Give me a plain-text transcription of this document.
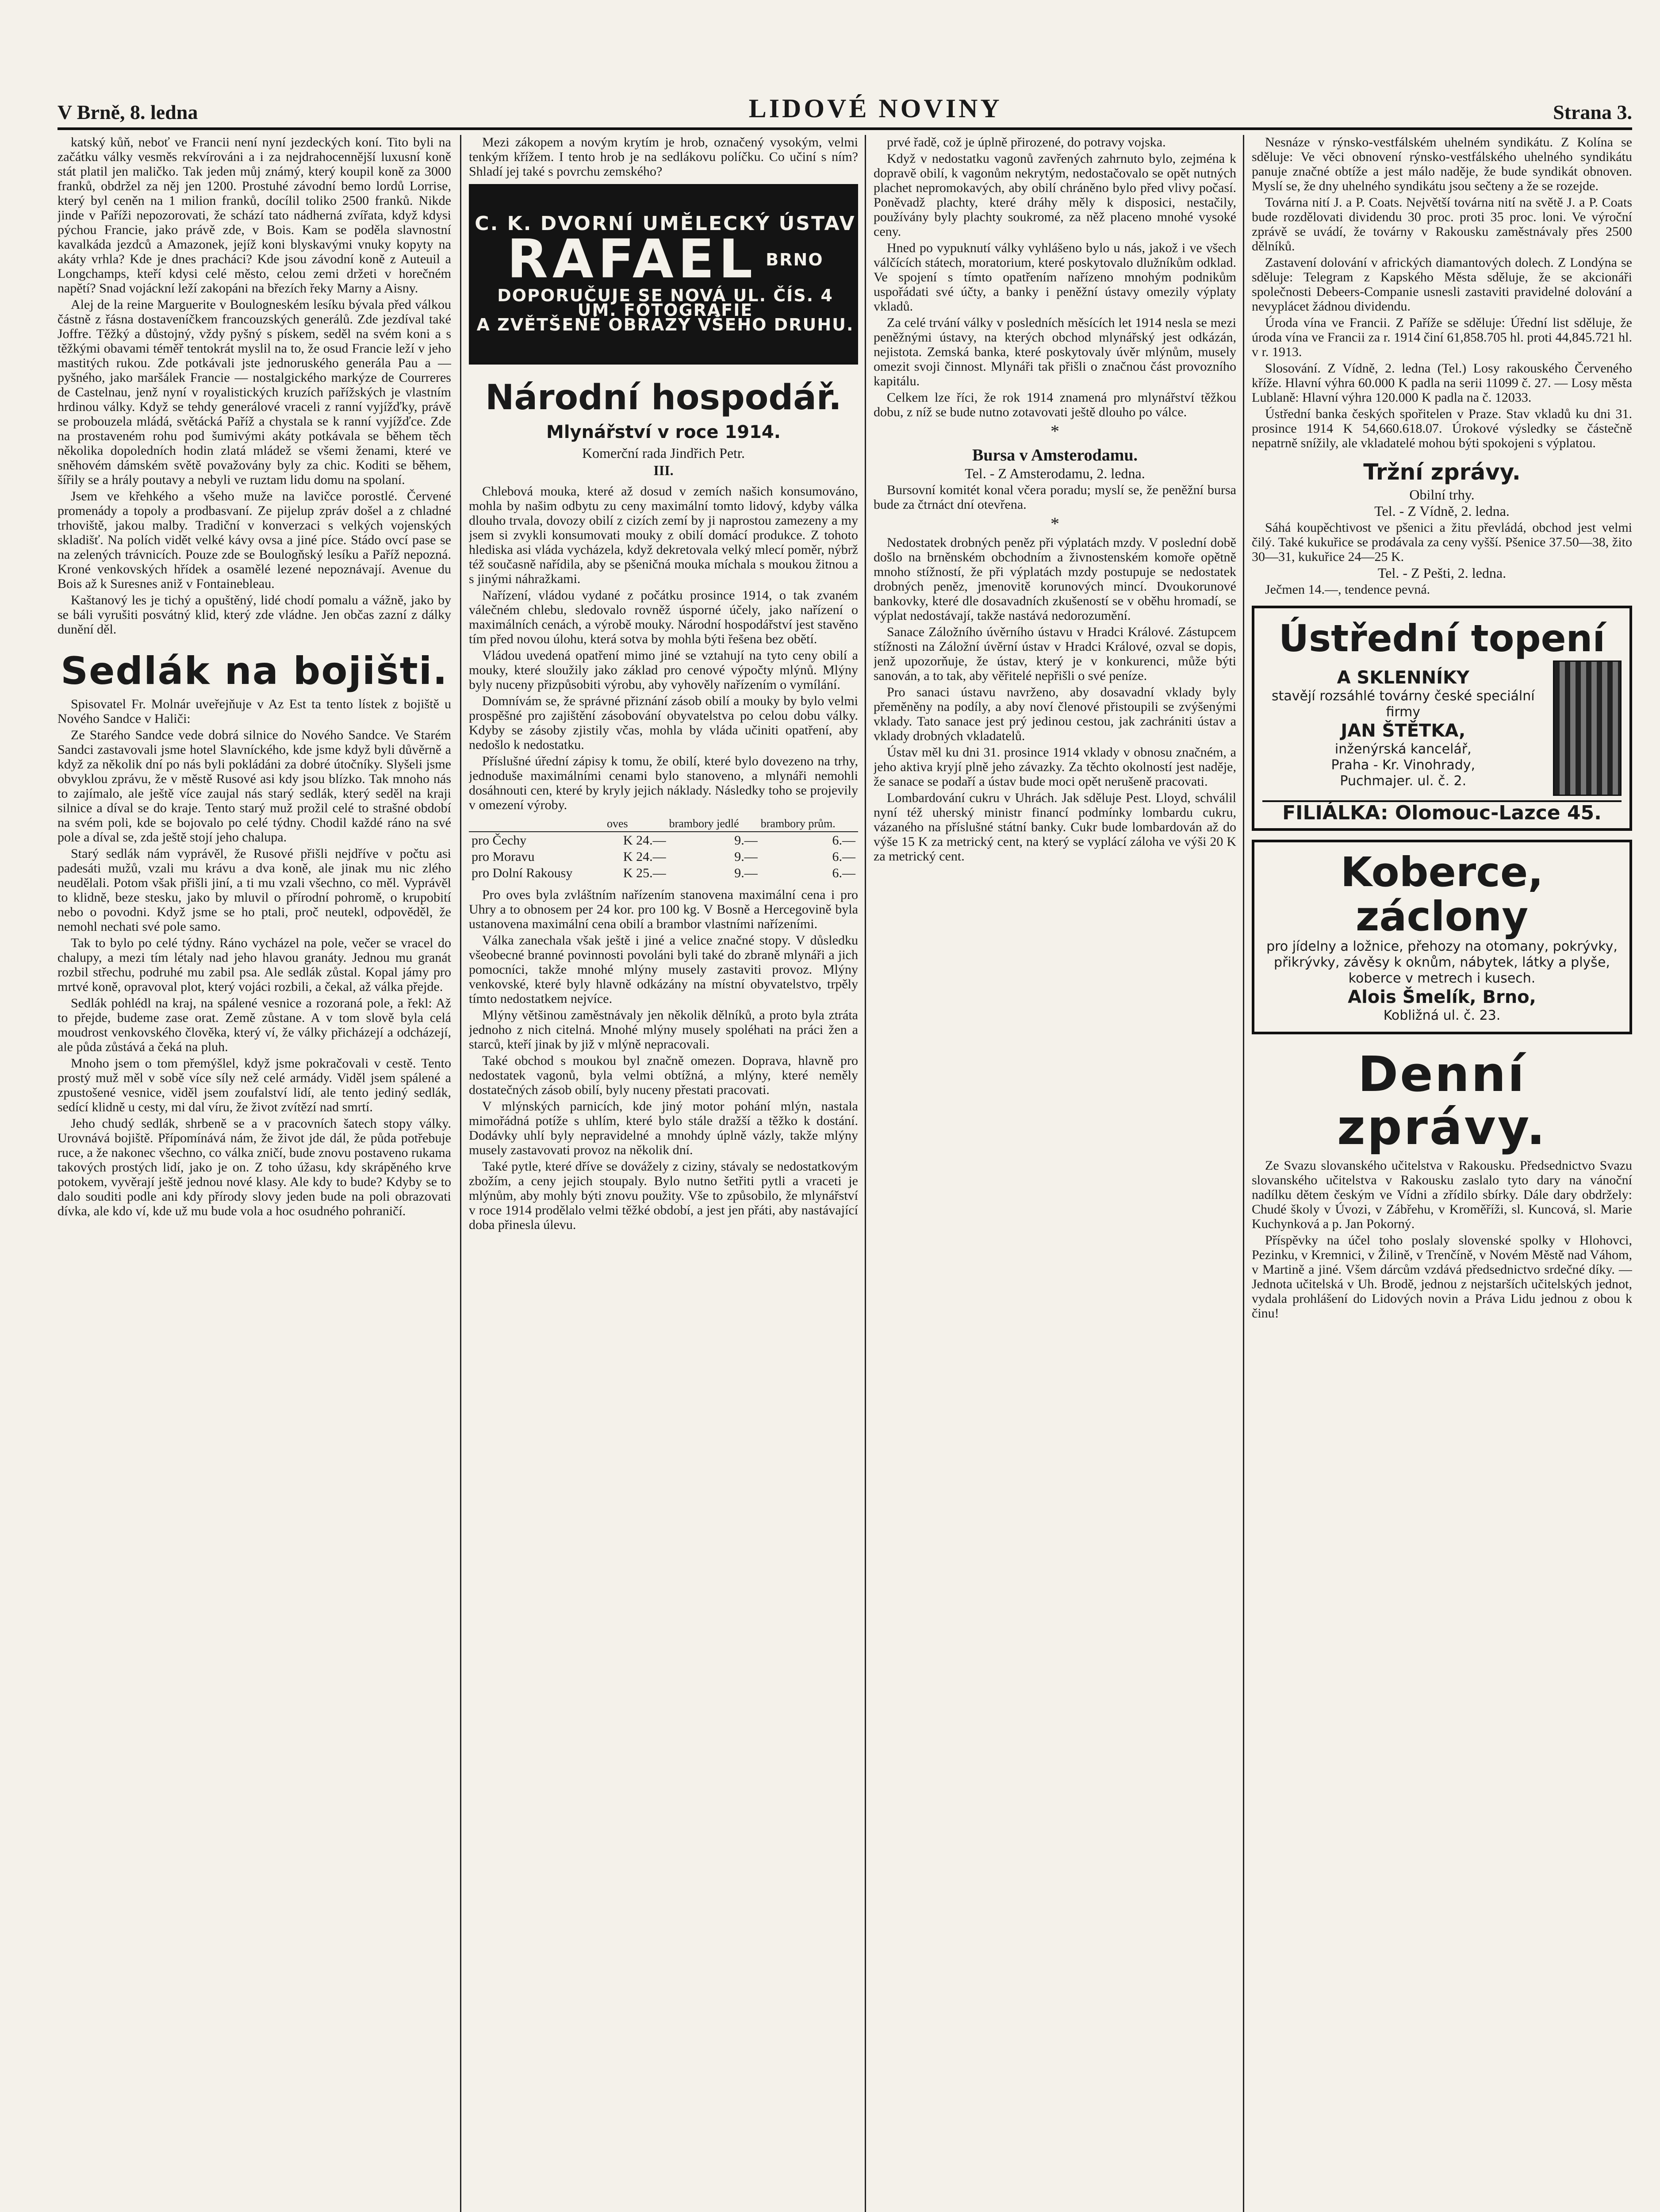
V Brně, 8. ledna	LIDOVÉ NOVINY	Strana 3.

katský kůň, neboť ve Francii není nyní jezdeckých koní. Tito byli na začátku války vesměs rekvírováni a i za nejdrahocennější luxusní koně stát platil jen maličko. Tak jeden můj známý, který koupil koně za 3000 franků, obdržel za něj jen 1200. Prostuhé závodní bemo lordů Lorrise, který byl ceněn na 1 milion franků, docílil toliko 2500 franků. Nikde jinde v Paříži nepozorovati, že schází tato nádherná zvířata, když kdysi pýchou Francie, jako právě zde, v Bois. Kam se poděla slavnostní kavalkáda jezdců a Amazonek, jejíž koni blyskavými vnuky kopyty na akáty vrhla? Kde je dnes pracháci? Kde jsou závodní koně z Auteuil a Longchamps, kteří kdysi celé město, celou zemi držeti v horečném napětí? Snad vojáckní leží zakopáni na březích řeky Marny a Aisny.

Alej de la reine Marguerite v Boulogneském lesíku bývala před válkou částně z řásna dostaveníčkem francouzských generálů. Zde jezdíval také Joffre. Těžký a důstojný, vždy pyšný s pískem, seděl na svém koni a s těžkými obavami téměř tentokrát myslil na to, že osud Francie leží v jeho mastitých rukou. Zde potkávali jste jednoruského generála Pau a — pyšného, jako maršálek Francie — nostalgického markýze de Courreres de Castelnau, jenž nyní v royalistických kruzích pařížských je vlastním hrdinou války. Když se tehdy generálové vraceli z ranní vyjížďky, právě se probouzela mládá, světácká Paříž a chystala se k ranní vyjížďce. Zde na prostaveném rohu pod šumivými akáty potkávala se během těch několika dopoledních hodin zlatá mládež se všemi ženami, které ve sněhovém dámském světě považovány byly za chic. Koditi se během, šířily se a hrály poutavy a nebyli ve ruztam lidu domu na spolaní.

Jsem ve křehkého a všeho muže na lavičce porostlé. Červené promenády a topoly a prodbasvaní. Ze pijelup zpráv došel a z chladné trhoviště, jakou malby. Tradiční v konverzaci s velkých vojenských skladišť. Na polích vidět velké kávy ovsa a jiné píce. Stádo ovcí pase se na zelených trávnicích. Pouze zde se Boulogňský lesíku a Paříž nepozná. Kroné venkovských hřídek a osamělé lezené nepoznávají. Avenue du Bois až k Suresnes aniž v Fontainebleau.

Kaštanový les je tichý a opuštěný, lidé chodí pomalu a vážně, jako by se báli vyrušiti posvátný klid, který zde vládne. Jen občas zazní z dálky dunění děl.

Sedlák na bojišti.

Spisovatel Fr. Molnár uveřejňuje v Az Est ta tento lístek z bojiště u Nového Sandce v Haliči:

Ze Starého Sandce vede dobrá silnice do Nového Sandce. Ve Starém Sandci zastavovali jsme hotel Slavníckého, kde jsme když byli důvěrně a když za několik dní po nás byli pokládáni za dobré útočníky. Slyšeli jsme obvyklou zprávu, že v městě Rusové asi kdy jsou blízko. Tak mnoho nás to zajímalo, ale ještě více zaujal nás starý sedlák, který seděl na kraji silnice a díval se do kraje. Tento starý muž prožil celé to strašné období na svém poli, kde se bojovalo po celé týdny. Chodil každé ráno na své pole a díval se, zda ještě stojí jeho chalupa.

Starý sedlák nám vyprávěl, že Rusové přišli nejdříve v počtu asi padesáti mužů, vzali mu krávu a dva koně, ale jinak mu nic zlého neudělali. Potom však přišli jiní, a ti mu vzali všechno, co měl. Vyprávěl to klidně, beze stesku, jako by mluvil o přírodní pohromě, o krupobití nebo o povodni. Když jsme se ho ptali, proč neutekl, odpověděl, že nemohl nechati své pole samo.

Tak to bylo po celé týdny. Ráno vycházel na pole, večer se vracel do chalupy, a mezi tím létaly nad jeho hlavou granáty. Jednou mu granát rozbil střechu, podruhé mu zabil psa. Ale sedlák zůstal. Kopal jámy pro mrtvé koně, opravoval plot, který vojáci rozbili, a čekal, až válka přejde.

Sedlák pohlédl na kraj, na spálené vesnice a rozoraná pole, a řekl: Až to přejde, budeme zase orat. Země zůstane. A v tom slově byla celá moudrost venkovského člověka, který ví, že války přicházejí a odcházejí, ale půda zůstává a čeká na pluh.

Mnoho jsem o tom přemýšlel, když jsme pokračovali v cestě. Tento prostý muž měl v sobě více síly než celé armády. Viděl jsem spálené a zpustošené vesnice, viděl jsem zoufalství lidí, ale tento jediný sedlák, sedící klidně u cesty, mi dal víru, že život zvítězí nad smrtí.

Jeho chudý sedlák, shrbeně se a v pracovních šatech stopy války. Urovnává bojiště. Přípomínává nám, že život jde dál, že půda potřebuje ruce, a že nakonec všechno, co válka zničí, bude znovu postaveno rukama takových prostých lidí, jako je on. Z toho úžasu, kdy skrápěného krve potokem, vyvěrají ještě jednou nové klasy. Ale kdy to bude? Kdyby se to dalo souditi podle ani kdy přírody slovy jeden bude na poli obrazovati dívka, ale kdo ví, kde už mu bude vola a hoc osudného pohraničí.

Mezi zákopem a novým krytím je hrob, označený vysokým, velmi tenkým křížem. I tento hrob je na sedlákovu políčku. Co učiní s ním? Shladí jej také s povrchu zemského?

C. K. DVORNÍ UMĚLECKÝ ÚSTAV
RAFAEL BRNO
DOPORUČUJE SE NOVÁ UL. ČÍS. 4
UM. FOTOGRAFIE
A ZVĚTŠENÉ OBRAZY VŠEHO DRUHU.
Národní hospodář.
Mlynářství v roce 1914.
Komerční rada Jindřich Petr.
III.

Chlebová mouka, které až dosud v zemích našich konsumováno, mohla by našim odbytu zu ceny maximální tomto lidový, kdyby válka dlouho trvala, dovozy obilí z cizích zemí by ji naprostou zamezeny a my jsem si zvykli konsumovati mouky z obilí domácí produkce. Z tohoto hlediska asi vláda vycházela, když dekretovala velký mlecí poměr, nýbrž též současně nařídila, aby se pšeničná mouka míchala s moukou žitnou a s jinými náhražkami.

Nařízení, vládou vydané z počátku prosince 1914, o tak zvaném válečném chlebu, sledovalo rovněž úsporné účely, jako nařízení o maximálních cenách, a výrobě mouky. Národní hospodářství jest stavěno tím před novou úlohu, která sotva by mohla býti řešena bez obětí.

Vládou uvedená opatření mimo jiné se vztahují na tyto ceny obilí a mouky, které sloužily jako základ pro cenové výpočty mlýnů. Mlýny byly nuceny přizpůsobiti výrobu, aby vyhověly nařízením o vymílání.

Domnívám se, že správné přiznání zásob obilí a mouky by bylo velmi prospěšné pro zajištění zásobování obyvatelstva po celou dobu války. Kdyby se zásoby zjistily včas, mohla by vláda učiniti opatření, aby nedošlo k nedostatku.

Příslušné úřední zápisy k tomu, že obilí, které bylo dovezeno na trhy, jednoduše maximálními cenami bylo stanoveno, a mlynáři nemohli dosáhnouti cen, které by kryly jejich náklady. Následky toho se projevily v omezení výroby.

	oves	brambory jedlé	brambory prům.
pro Čechy	K 24.—	9.—	6.—
pro Moravu	K 24.—	9.—	6.—
pro Dolní Rakousy	K 25.—	9.—	6.—

Pro oves byla zvláštním nařízením stanovena maximální cena i pro Uhry a to obnosem per 24 kor. pro 100 kg. V Bosně a Hercegovině byla ustanovena maximální cena obilí a brambor vlastními nařízeními.

Válka zanechala však ještě i jiné a velice značné stopy. V důsledku všeobecné branné povinnosti povoláni byli také do zbraně mlynáři a jich pomocníci, takže mnohé mlýny musely zastaviti provoz. Mlýny venkovské, které byly hlavně odkázány na místní obyvatelstvo, trpěly tímto nedostatkem nejvíce.

Mlýny většinou zaměstnávaly jen několik dělníků, a proto byla ztráta jednoho z nich citelná. Mnohé mlýny musely spoléhati na práci žen a starců, kteří jinak by již v mlýně nepracovali.

Také obchod s moukou byl značně omezen. Doprava, hlavně pro nedostatek vagonů, byla velmi obtížná, a mlýny, které neměly dostatečných zásob obilí, byly nuceny přestati pracovati.

V mlýnských parnicích, kde jiný motor pohání mlýn, nastala mimořádná potíže s uhlím, které bylo stále dražší a těžko k dostání. Dodávky uhlí byly nepravidelné a mnohdy úplně vázly, takže mlýny musely zastavovati provoz na několik dní.

Také pytle, které dříve se dovážely z ciziny, stávaly se nedostatkovým zbožím, a ceny jejich stoupaly. Bylo nutno šetřiti pytli a vraceti je mlýnům, aby mohly býti znovu použity. Vše to způsobilo, že mlynářství v roce 1914 prodělalo velmi těžké období, a jest jen přáti, aby nastávající doba přinesla úlevu.

prvé řadě, což je úplně přirozené, do potravy vojska.

Když v nedostatku vagonů zavřených zahrnuto bylo, zejména k dopravě obilí, k vagonům nekrytým, nedostačovalo se opět nutných plachet nepromokavých, aby obilí chráněno bylo před vlivy počasí. Poněvadž plachty, které dráhy měly k disposici, nestačily, používány byly plachty soukromé, za něž placeno mnohé vysoké ceny.

Hned po vypuknutí války vyhlášeno bylo u nás, jakož i ve všech válčících státech, moratorium, které poskytovalo dlužníkům odklad. Ve spojení s tímto opatřením nařízeno mnohým podnikům uspořádati své účty, a banky i peněžní ústavy omezily výplaty vkladů.

Za celé trvání války v posledních měsících let 1914 nesla se mezi peněžnými ústavy, na kterých obchod mlynářský jest odkázán, nejistota. Zemská banka, které poskytovaly úvěr mlýnům, musely omezit svoji činnost. Mlynáři tak přišli o značnou část provozního kapitálu.

Celkem lze říci, že rok 1914 znamená pro mlynářství těžkou dobu, z níž se bude nutno zotavovati ještě dlouho po válce.

*
Bursa v Amsterodamu.
Tel. - Z Amsterodamu, 2. ledna.

Bursovní komitét konal včera poradu; myslí se, že peněžní bursa bude za čtrnáct dní otevřena.

*

Nedostatek drobných peněz při výplatách mzdy. V poslední době došlo na brněnském obchodním a živnostenském komoře opětně mnoho stížností, že při výplatách mzdy postupuje se nedostatek drobných peněz, jmenovitě korunových mincí. Dvoukorunové bankovky, které dle dosavadních zkušeností se v oběhu hromadí, se výplat nedostávají, takže nastává nedorozumění.

Sanace Záložního úvěrního ústavu v Hradci Králové. Zástupcem stížnosti na Záložní úvěrní ústav v Hradci Králové, ozval se dopis, jenž upozorňuje, že ústav, který je v konkurenci, může býti sanován, a to tak, aby věřitelé nepřišli o své peníze.

Pro sanaci ústavu navrženo, aby dosavadní vklady byly přeměněny na podíly, a aby noví členové přistoupili se zvýšenými vklady. Tato sanace jest prý jedinou cestou, jak zachrániti ústav a vklady drobných vkladatelů.

Ústav měl ku dni 31. prosince 1914 vklady v obnosu značném, a jeho aktiva kryjí plně jeho závazky. Za těchto okolností jest naděje, že sanace se podaří a ústav bude moci opět nerušeně pracovati.

Lombardování cukru v Uhrách. Jak sděluje Pest. Lloyd, schválil nyní též uherský ministr financí podmínky lombardu cukru, vázaného na příslušné státní banky. Cukr bude lombardován až do výše 15 K za metrický cent, na který se vyplácí záloha ve výši 20 K za metrický cent.

Nesnáze v rýnsko-vestfálském uhelném syndikátu. Z Kolína se sděluje: Ve věci obnovení rýnsko-vestfálského uhelného syndikátu panuje značné obtíže a jest málo naděje, že bude syndikát obnoven. Myslí se, že dny uhelného syndikátu jsou sečteny a že se rozejde.

Továrna nití J. a P. Coats. Největší továrna nití na světě J. a P. Coats bude rozdělovati dividendu 30 proc. proti 35 proc. loni. Ve výroční zprávě se uvádí, že továrny v Rakousku zaměstnávaly přes 2500 dělníků.

Zastavení dolování v afrických diamantových dolech. Z Londýna se sděluje: Telegram z Kapského Města sděluje, že se akcionáři společnosti Debeers-Companie usnesli zastaviti pravidelné dolování a nevyplácet žádnou dividendu.

Úroda vína ve Francii. Z Paříže se sděluje: Úřední list sděluje, že úroda vína ve Francii za r. 1914 činí 61,858.705 hl. proti 44,845.721 hl. v r. 1913.

Slosování. Z Vídně, 2. ledna (Tel.) Losy rakouského Červeného kříže. Hlavní výhra 60.000 K padla na serii 11099 č. 27. — Losy města Lublaně: Hlavní výhra 120.000 K padla na č. 12033.

Ústřední banka českých spořitelen v Praze. Stav vkladů ku dni 31. prosince 1914 K 54,660.618.07. Úrokové výsledky se částečně nepatrně snížily, ale vkladatelé mohou býti spokojeni s výplatou.

Tržní zprávy.
Obilní trhy.
Tel. - Z Vídně, 2. ledna.

Sáhá koupěchtivost ve pšenici a žitu převládá, obchod jest velmi čilý. Také kukuřice se prodávala za ceny vyšší. Pšenice 37.50—38, žito 30—31, kukuřice 24—25 K.

Tel. - Z Pešti, 2. ledna.

Ječmen 14.—, tendence pevná.

Ústřední topení
A SKLENNÍKY
stavějí rozsáhlé továrny české speciální firmy
JAN ŠTĚTKA,
inženýrská kancelář,
Praha - Kr. Vinohrady,
Puchmajer. ul. č. 2.
FILIÁLKA: Olomouc-Lazce 45.
Koberce,
záclony
pro jídelny a ložnice, přehozy na otomany, pokrývky, přikrývky, závěsy k oknům, nábytek, látky a plyše, koberce v metrech i kusech.
Alois Šmelík, Brno,
Kobližná ul. č. 23.
Denní zprávy.

Ze Svazu slovanského učitelstva v Rakousku. Předsednictvo Svazu slovanského učitelstva v Rakousku zaslalo tyto dary na vánoční nadílku dětem českým ve Vídni a zřídilo sbírky. Dále dary obdržely: Chudé školy v Úvozi, v Zábřehu, v Kroměříži, sl. Kuncová, sl. Marie Kuchynková a p. Jan Pokorný.

Příspěvky na účel toho poslaly slovenské spolky v Hlohovci, Pezinku, v Kremnici, v Žilině, v Trenčíně, v Novém Městě nad Váhom, v Martině a jiné. Všem dárcům vzdává předsednictvo srdečné díky. — Jednota učitelská v Uh. Brodě, jednou z nejstarších učitelských jednot, vydala prohlášení do Lidových novin a Práva Lidu jednou z obou k činu!
